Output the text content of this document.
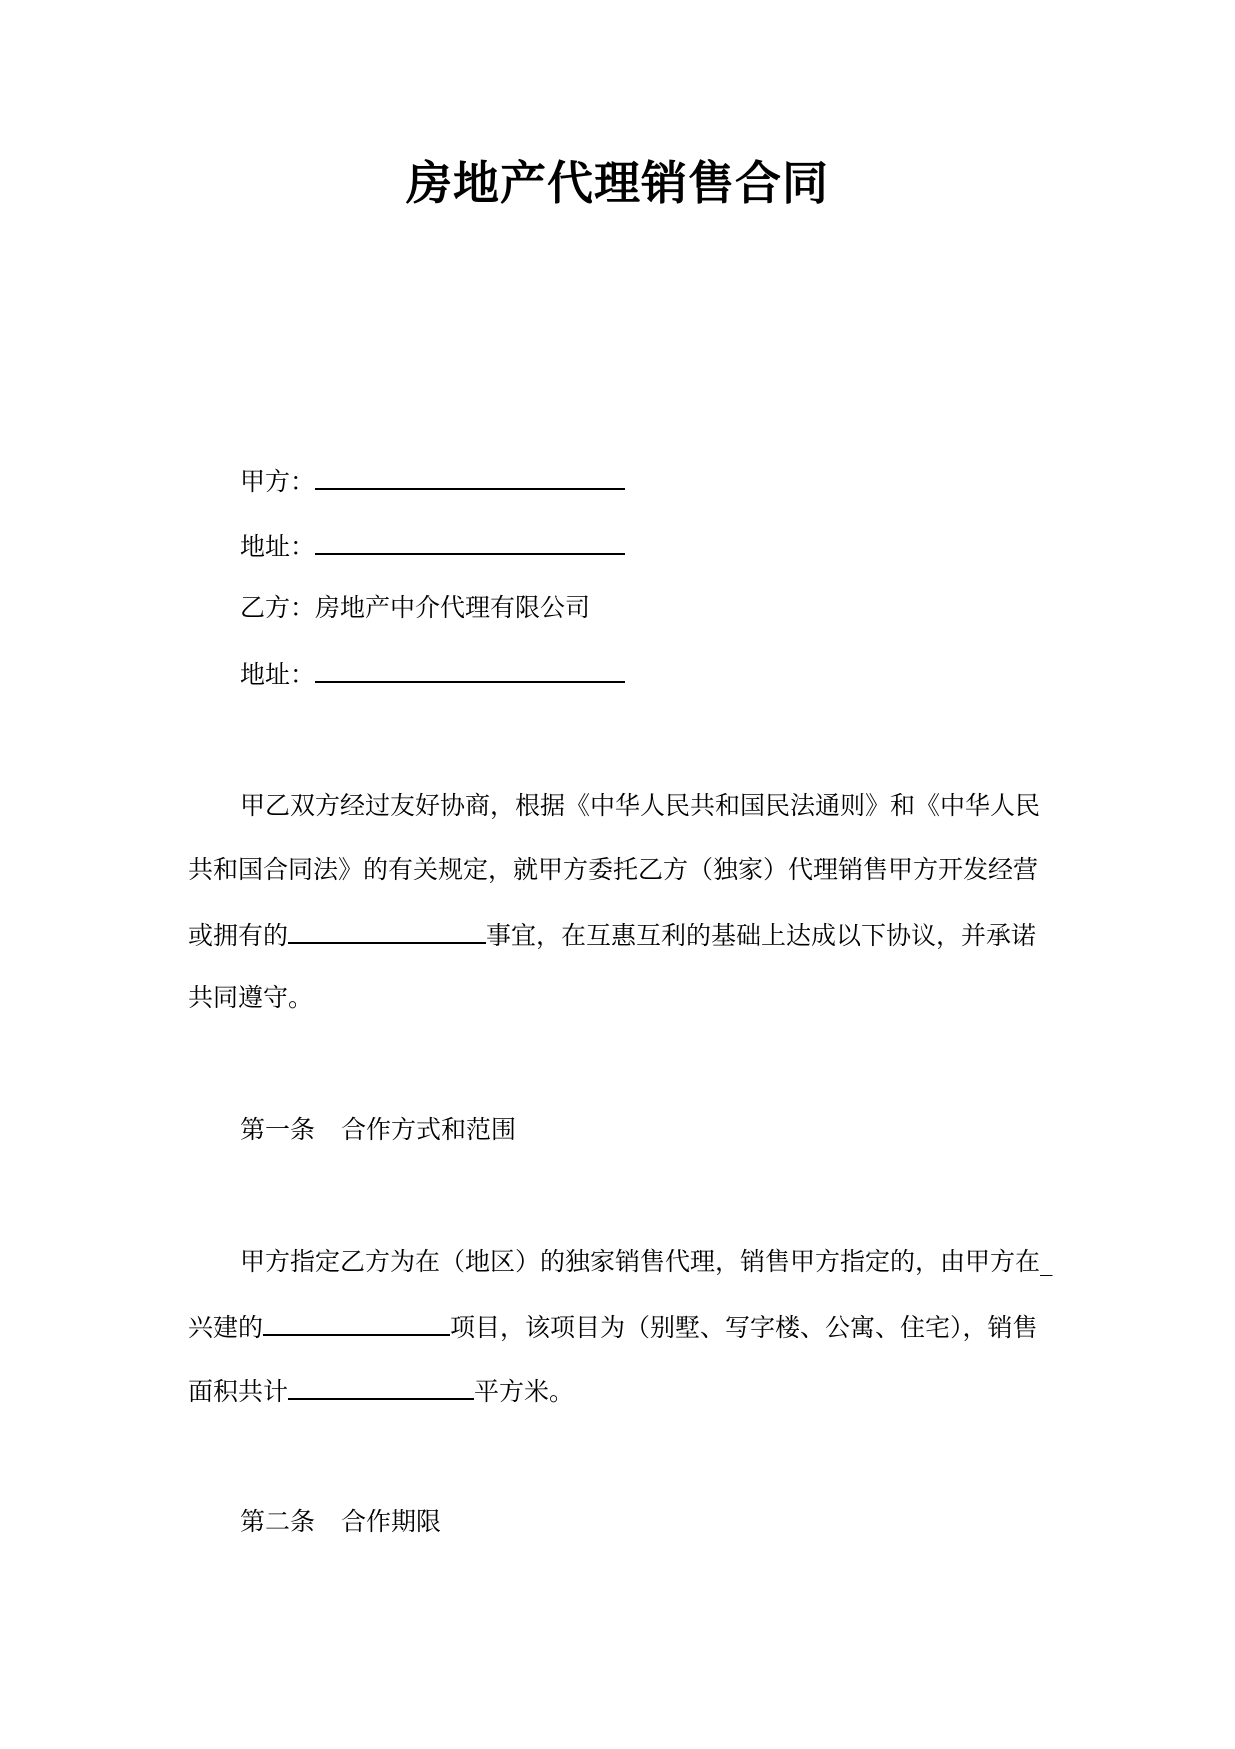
房地产代理销售合同
甲方：
地址：
乙方：房地产中介代理有限公司
地址：
甲乙双方经过友好协商，根据《中华人民共和国民法通则》和《中华人民
共和国合同法》的有关规定，就甲方委托乙方（独家）代理销售甲方开发经营
或拥有的	事宜，在互惠互利的基础上达成以下协议，并承诺
共同遵守。
第一条 合作方式和范围
甲方指定乙方为在（地区）的独家销售代理，销售甲方指定的，由甲方在_
兴建的	项目，该项目为（别墅、写字楼、公寓、住宅），销售
面积共计	平方米。
第二条 合作期限
